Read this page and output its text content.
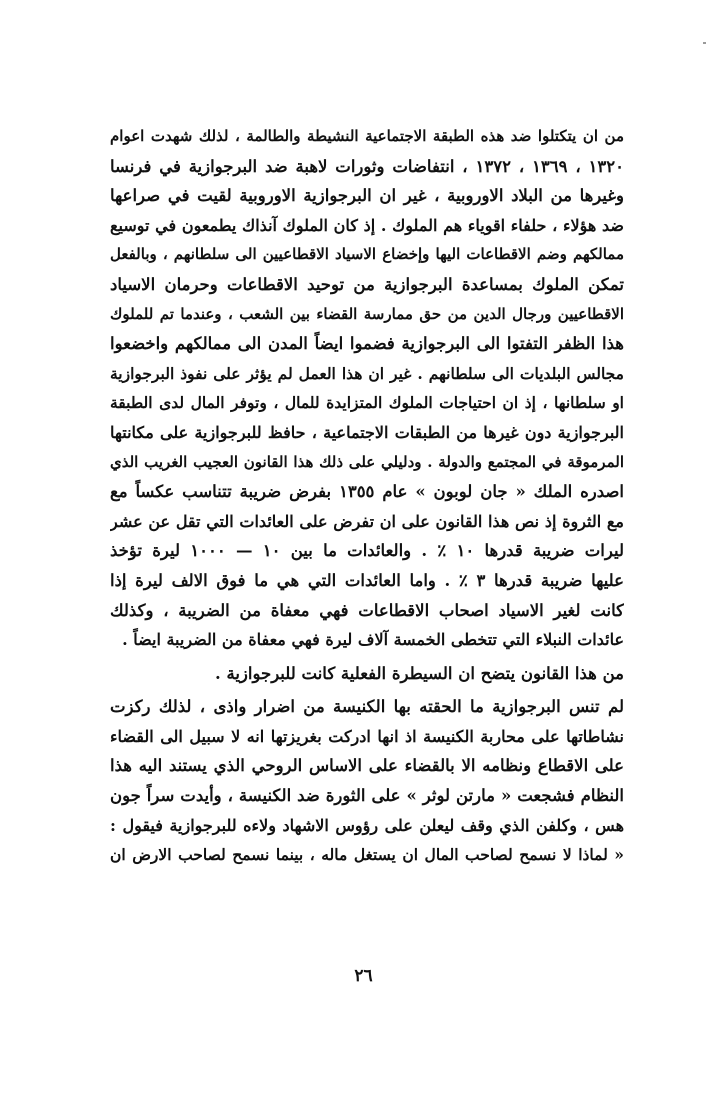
من ان يتكتلوا ضد هذه الطبقة الاجتماعية النشيطة والطالمة ، لذلك شهدت اعوام
١٣٢٠ ، ١٣٦٩ ، ١٣٧٢ ، انتفاضات وثورات لاهبة ضد البرجوازية في فرنسا
وغيرها من البلاد الاوروبية ، غير ان البرجوازية الاوروبية لقيت في صراعها
ضد هؤلاء ، حلفاء اقوياء هم الملوك . إذ كان الملوك آنذاك يطمعون في توسيع
ممالكهم وضم الاقطاعات اليها وإخضاع الاسياد الاقطاعيين الى سلطانهم ، وبالفعل
تمكن الملوك بمساعدة البرجوازية من توحيد الاقطاعات وحرمان الاسياد
الاقطاعيين ورجال الدين من حق ممارسة القضاء بين الشعب ، وعندما تم للملوك
هذا الظفر التفتوا الى البرجوازية فضموا ايضاً المدن الى ممالكهم واخضعوا
مجالس البلديات الى سلطانهم . غير ان هذا العمل لم يؤثر على نفوذ البرجوازية
او سلطانها ، إذ ان احتياجات الملوك المتزايدة للمال ، وتوفر المال لدى الطبقة
البرجوازية دون غيرها من الطبقات الاجتماعية ، حافظ للبرجوازية على مكانتها
المرموقة في المجتمع والدولة . ودليلي على ذلك هذا القانون العجيب الغريب الذي
اصدره الملك « جان لوبون » عام ١٣٥٥ بفرض ضريبة تتناسب عكساً مع
مع الثروة إذ نص هذا القانون على ان تفرض على العائدات التي تقل عن عشر
ليرات ضريبة قدرها ١٠ ٪ . والعائدات ما بين ١٠ — ١٠٠٠ ليرة تؤخذ
عليها ضريبة قدرها ٣ ٪ . واما العائدات التي هي ما فوق الالف ليرة إذا
كانت لغير الاسياد اصحاب الاقطاعات فهي معفاة من الضريبة ، وكذلك
عائدات النبلاء التي تتخطى الخمسة آلاف ليرة فهي معفاة من الضريبة ايضاً .
من هذا القانون يتضح ان السيطرة الفعلية كانت للبرجوازية .
لم تنس البرجوازية ما الحقته بها الكنيسة من اضرار واذى ، لذلك ركزت
نشاطاتها على محاربة الكنيسة اذ انها ادركت بغريزتها انه لا سبيل الى القضاء
على الاقطاع ونظامه الا بالقضاء على الاساس الروحي الذي يستند اليه هذا
النظام فشجعت « مارتن لوثر » على الثورة ضد الكنيسة ، وأيدت سراً جون
هس ، وكلفن الذي وقف ليعلن على رؤوس الاشهاد ولاءه للبرجوازية فيقول :
« لماذا لا نسمح لصاحب المال ان يستغل ماله ، بينما نسمح لصاحب الارض ان
٢٦
